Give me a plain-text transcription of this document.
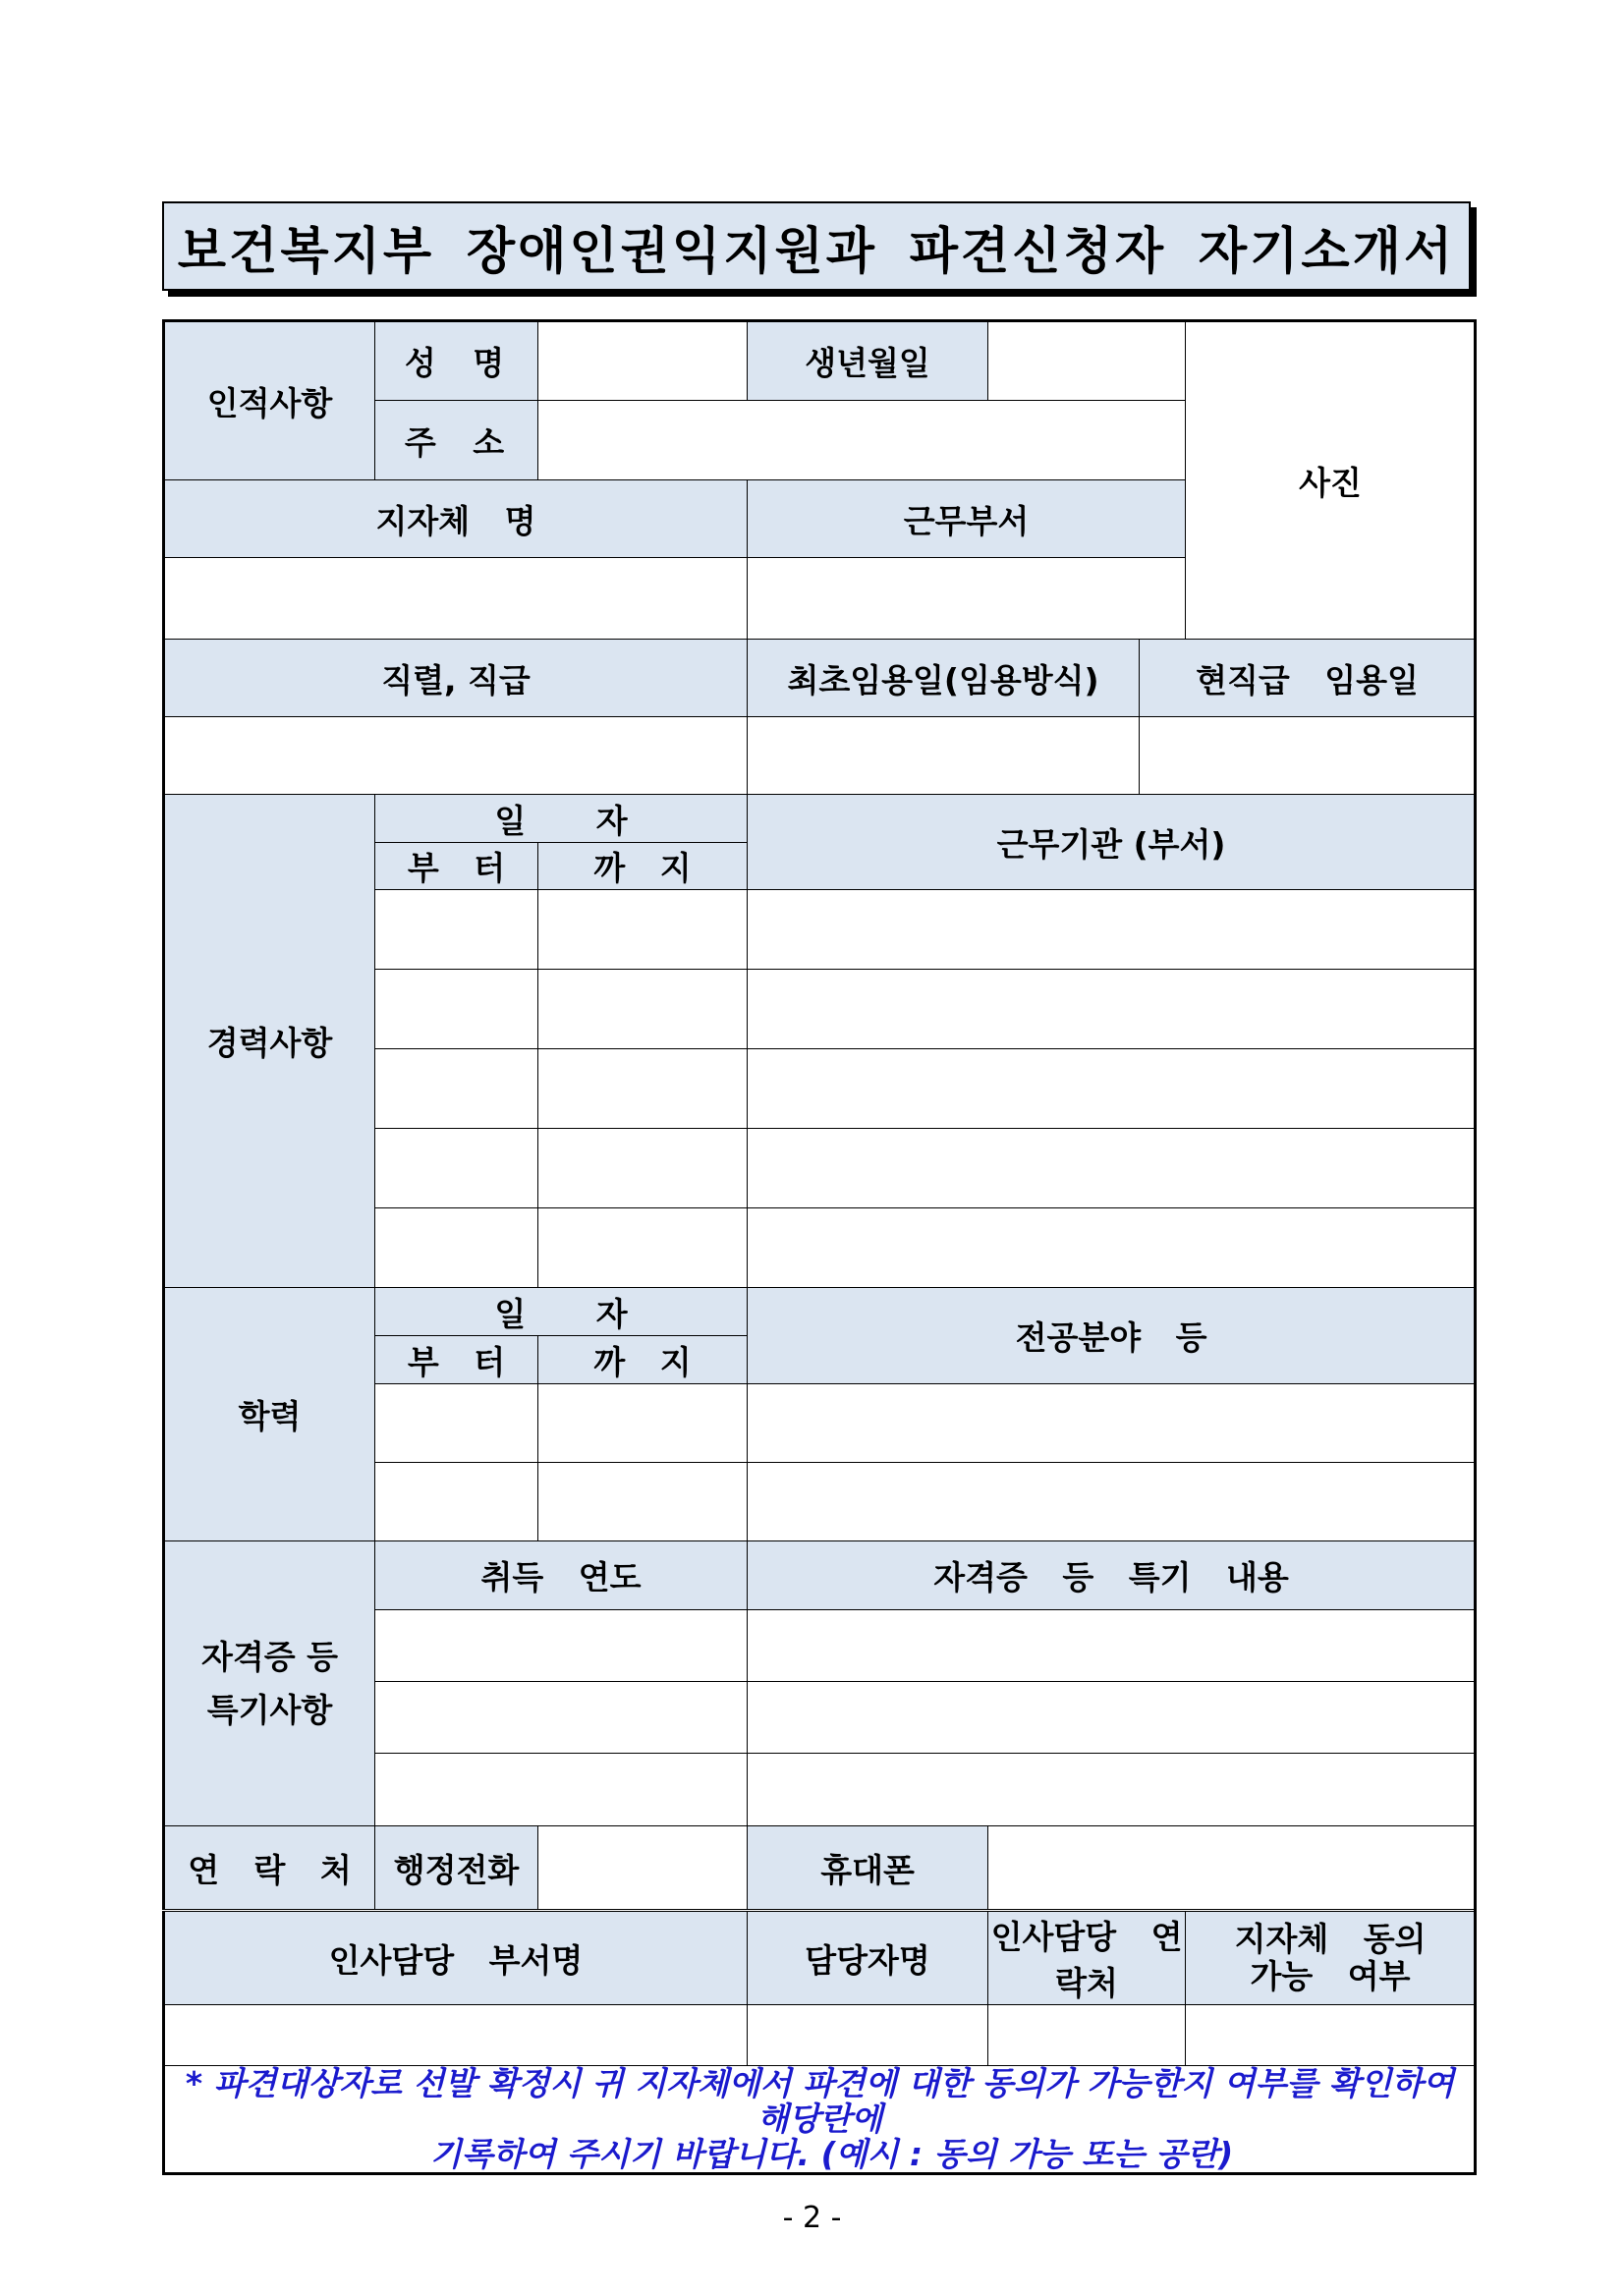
보건복지부 장애인권익지원과 파견신청자 자기소개서
인적사항	성 명		생년월일			사진
	주 소					
지자체 명			근무부서			

직렬, 직급			최초임용일(임용방식)		현직급 임용일	

경력사항	일 자		근무기관 (부서)			
	부 터	까 지				

학력	일 자		전공분야 등			
	부 터	까 지				

자격증 등
특기사항	취득 연도		자격증 등 특기 내용			

연 락 처	행정전화		휴대폰			
인사담당 부서명			담당자명	인사담당 연락처		지자체 동의
가능 여부

* 파견대상자로 선발 확정시 귀 지자체에서 파견에 대한 동의가 가능한지 여부를 확인하여 해당란에
기록하여 주시기 바랍니다. (예시 : 동의 가능 또는 공란)						
- 2 -
